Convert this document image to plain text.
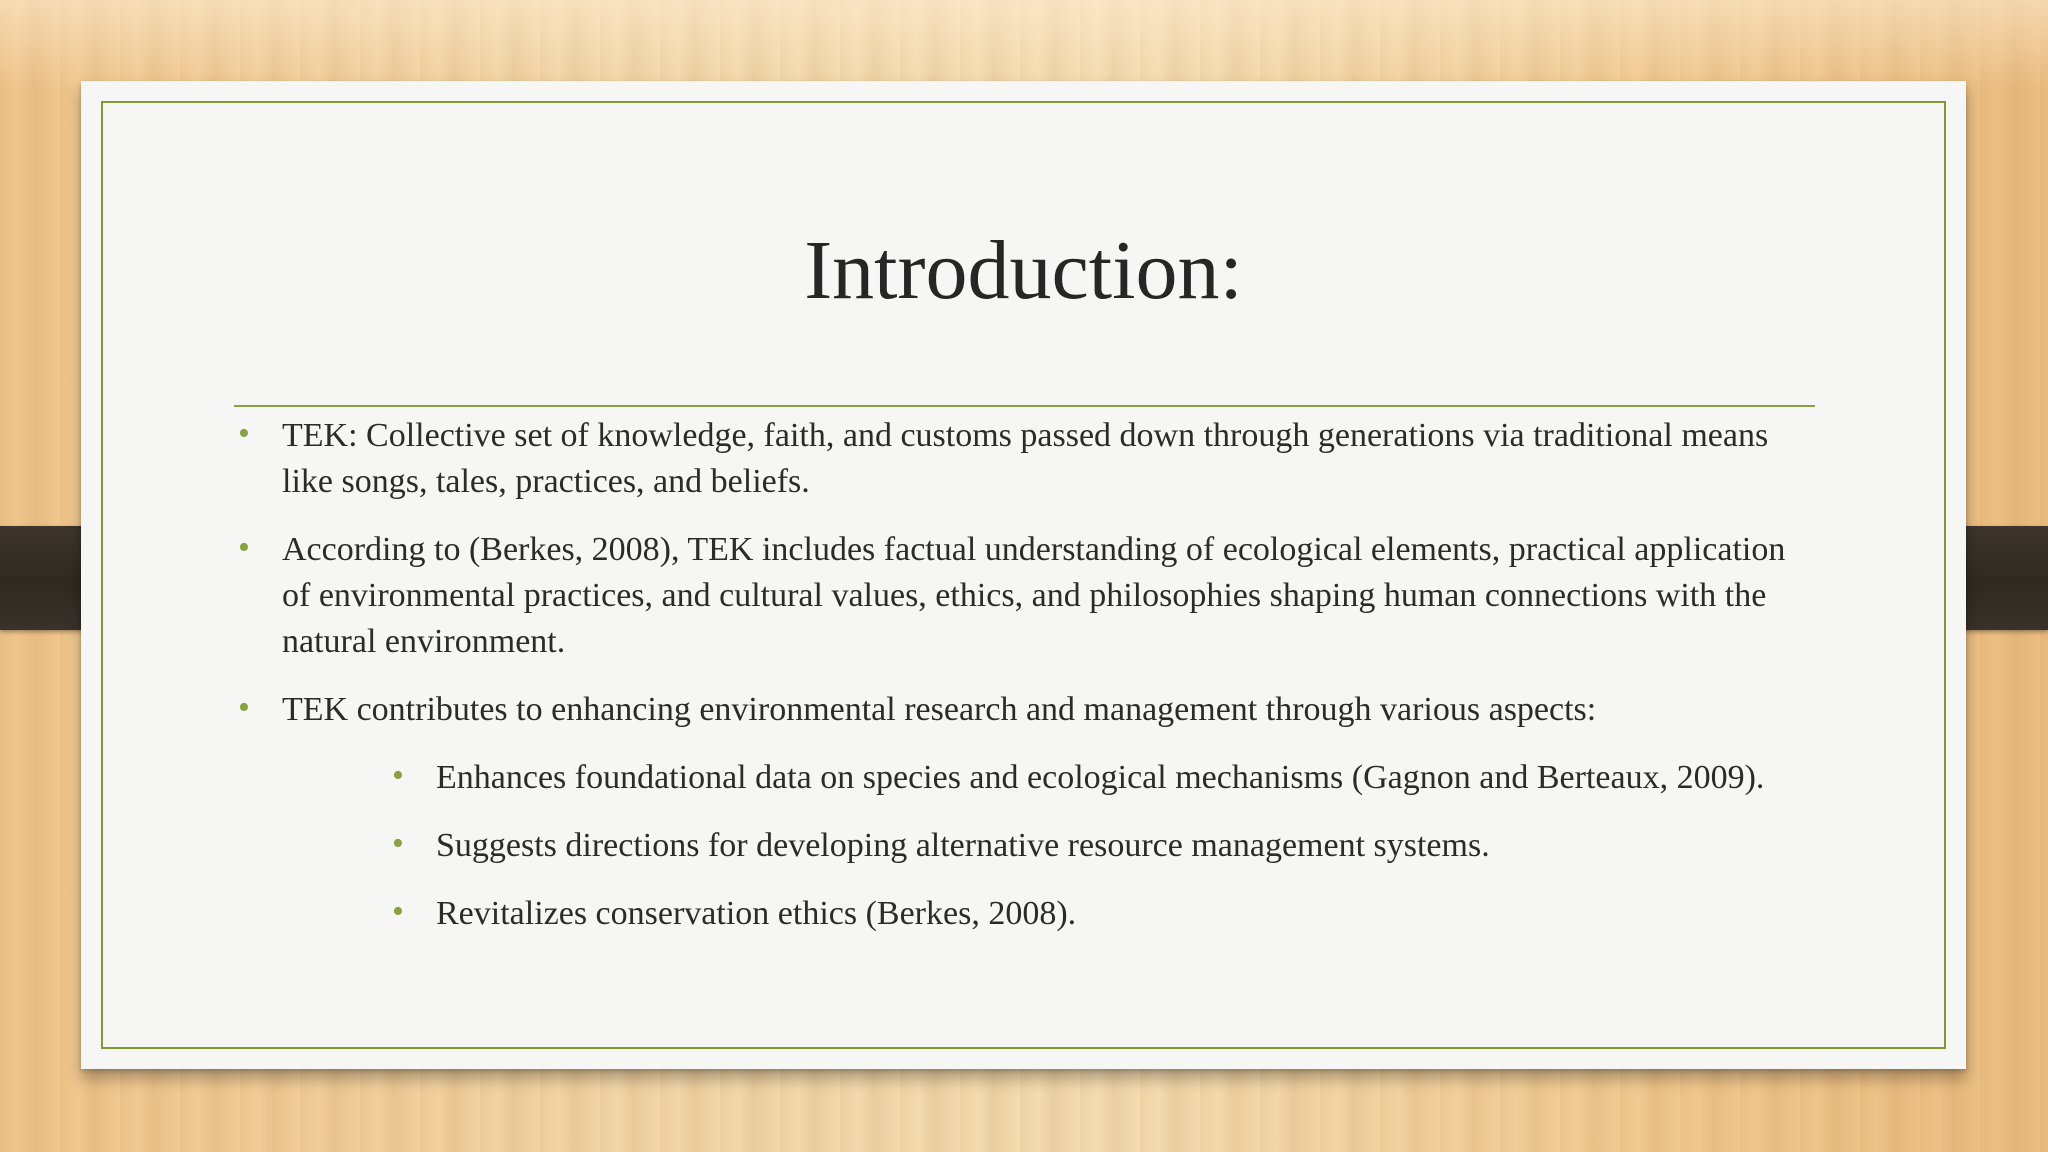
Introduction:
• TEK: Collective set of knowledge, faith, and customs passed down through generations via traditional means like songs, tales, practices, and beliefs.
• According to (Berkes, 2008), TEK includes factual understanding of ecological elements, practical application of environmental practices, and cultural values, ethics, and philosophies shaping human connections with the natural environment.
• TEK contributes to enhancing environmental research and management through various aspects:
• Enhances foundational data on species and ecological mechanisms (Gagnon and Berteaux, 2009).
• Suggests directions for developing alternative resource management systems.
• Revitalizes conservation ethics (Berkes, 2008).
